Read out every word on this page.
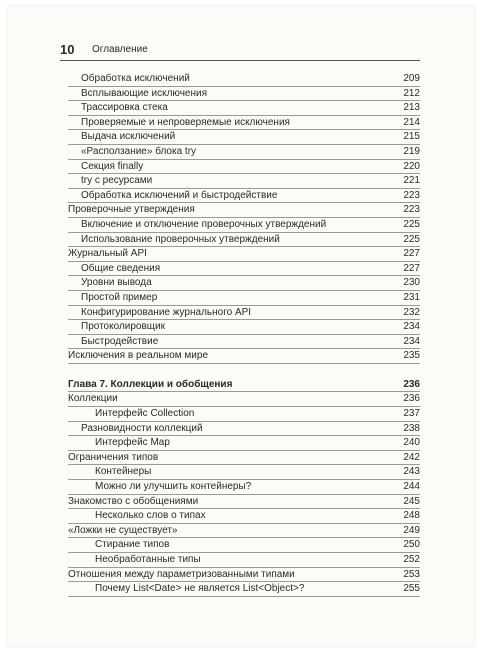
10 Оглавление
Обработка исключений	209
Всплывающие исключения	212
Трассировка стека	213
Проверяемые и непроверяемые исключения	214
Выдача исключений	215
«Расползание» блока try	219
Секция finally	220
try с ресурсами	221
Обработка исключений и быстродействие	223
Проверочные утверждения	223
Включение и отключение проверочных утверждений	225
Использование проверочных утверждений	225
Журнальный API	227
Общие сведения	227
Уровни вывода	230
Простой пример	231
Конфигурирование журнального API	232
Протоколировщик	234
Быстродействие	234
Исключения в реальном мире	235
Глава 7. Коллекции и обобщения	236
Коллекции	236
Интерфейс Collection	237
Разновидности коллекций	238
Интерфейс Map	240
Ограничения типов	242
Контейнеры	243
Можно ли улучшить контейнеры?	244
Знакомство с обобщениями	245
Несколько слов о типах	248
«Ложки не существует»	249
Стирание типов	250
Необработанные типы	252
Отношения между параметризованными типами	253
Почему List<Date> не является List<Object>?	255
